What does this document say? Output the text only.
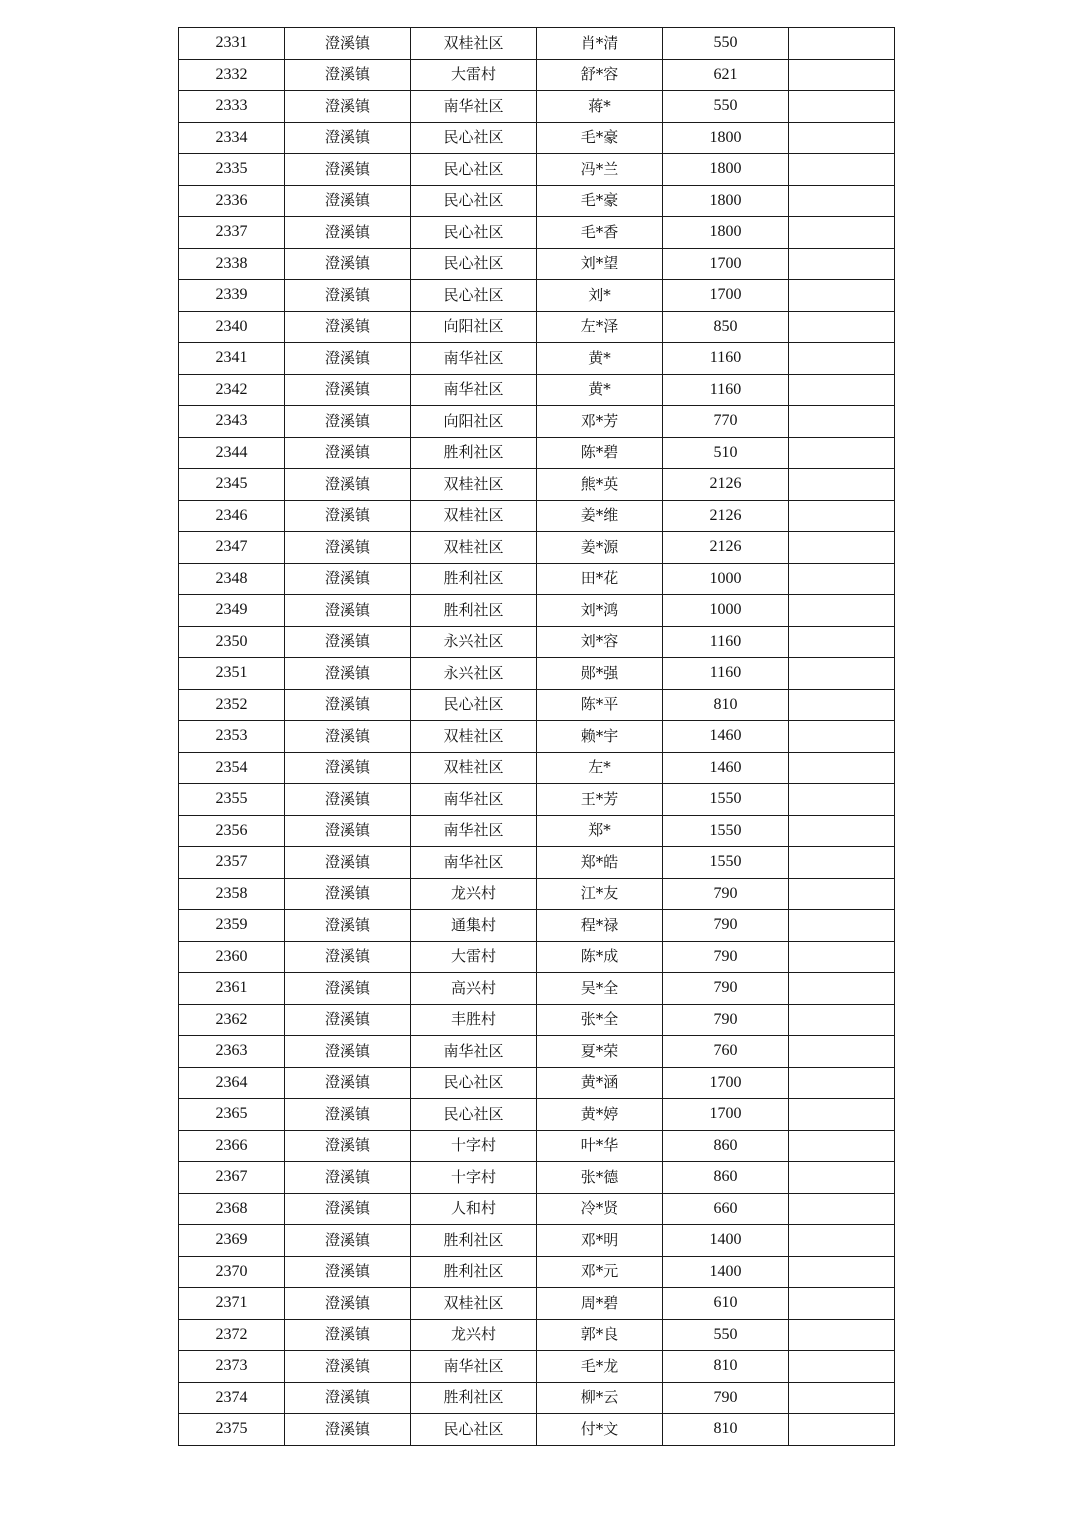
2331	澄溪镇	双桂社区	肖*清	550	
2332	澄溪镇	大雷村	舒*容	621	
2333	澄溪镇	南华社区	蒋*	550	
2334	澄溪镇	民心社区	毛*豪	1800	
2335	澄溪镇	民心社区	冯*兰	1800	
2336	澄溪镇	民心社区	毛*豪	1800	
2337	澄溪镇	民心社区	毛*香	1800	
2338	澄溪镇	民心社区	刘*望	1700	
2339	澄溪镇	民心社区	刘*	1700	
2340	澄溪镇	向阳社区	左*泽	850	
2341	澄溪镇	南华社区	黄*	1160	
2342	澄溪镇	南华社区	黄*	1160	
2343	澄溪镇	向阳社区	邓*芳	770	
2344	澄溪镇	胜利社区	陈*碧	510	
2345	澄溪镇	双桂社区	熊*英	2126	
2346	澄溪镇	双桂社区	姜*维	2126	
2347	澄溪镇	双桂社区	姜*源	2126	
2348	澄溪镇	胜利社区	田*花	1000	
2349	澄溪镇	胜利社区	刘*鸿	1000	
2350	澄溪镇	永兴社区	刘*容	1160	
2351	澄溪镇	永兴社区	郧*强	1160	
2352	澄溪镇	民心社区	陈*平	810	
2353	澄溪镇	双桂社区	赖*宇	1460	
2354	澄溪镇	双桂社区	左*	1460	
2355	澄溪镇	南华社区	王*芳	1550	
2356	澄溪镇	南华社区	郑*	1550	
2357	澄溪镇	南华社区	郑*皓	1550	
2358	澄溪镇	龙兴村	江*友	790	
2359	澄溪镇	通集村	程*禄	790	
2360	澄溪镇	大雷村	陈*成	790	
2361	澄溪镇	高兴村	吴*全	790	
2362	澄溪镇	丰胜村	张*全	790	
2363	澄溪镇	南华社区	夏*荣	760	
2364	澄溪镇	民心社区	黄*涵	1700	
2365	澄溪镇	民心社区	黄*婷	1700	
2366	澄溪镇	十字村	叶*华	860	
2367	澄溪镇	十字村	张*德	860	
2368	澄溪镇	人和村	冷*贤	660	
2369	澄溪镇	胜利社区	邓*明	1400	
2370	澄溪镇	胜利社区	邓*元	1400	
2371	澄溪镇	双桂社区	周*碧	610	
2372	澄溪镇	龙兴村	郭*良	550	
2373	澄溪镇	南华社区	毛*龙	810	
2374	澄溪镇	胜利社区	柳*云	790	
2375	澄溪镇	民心社区	付*文	810	
